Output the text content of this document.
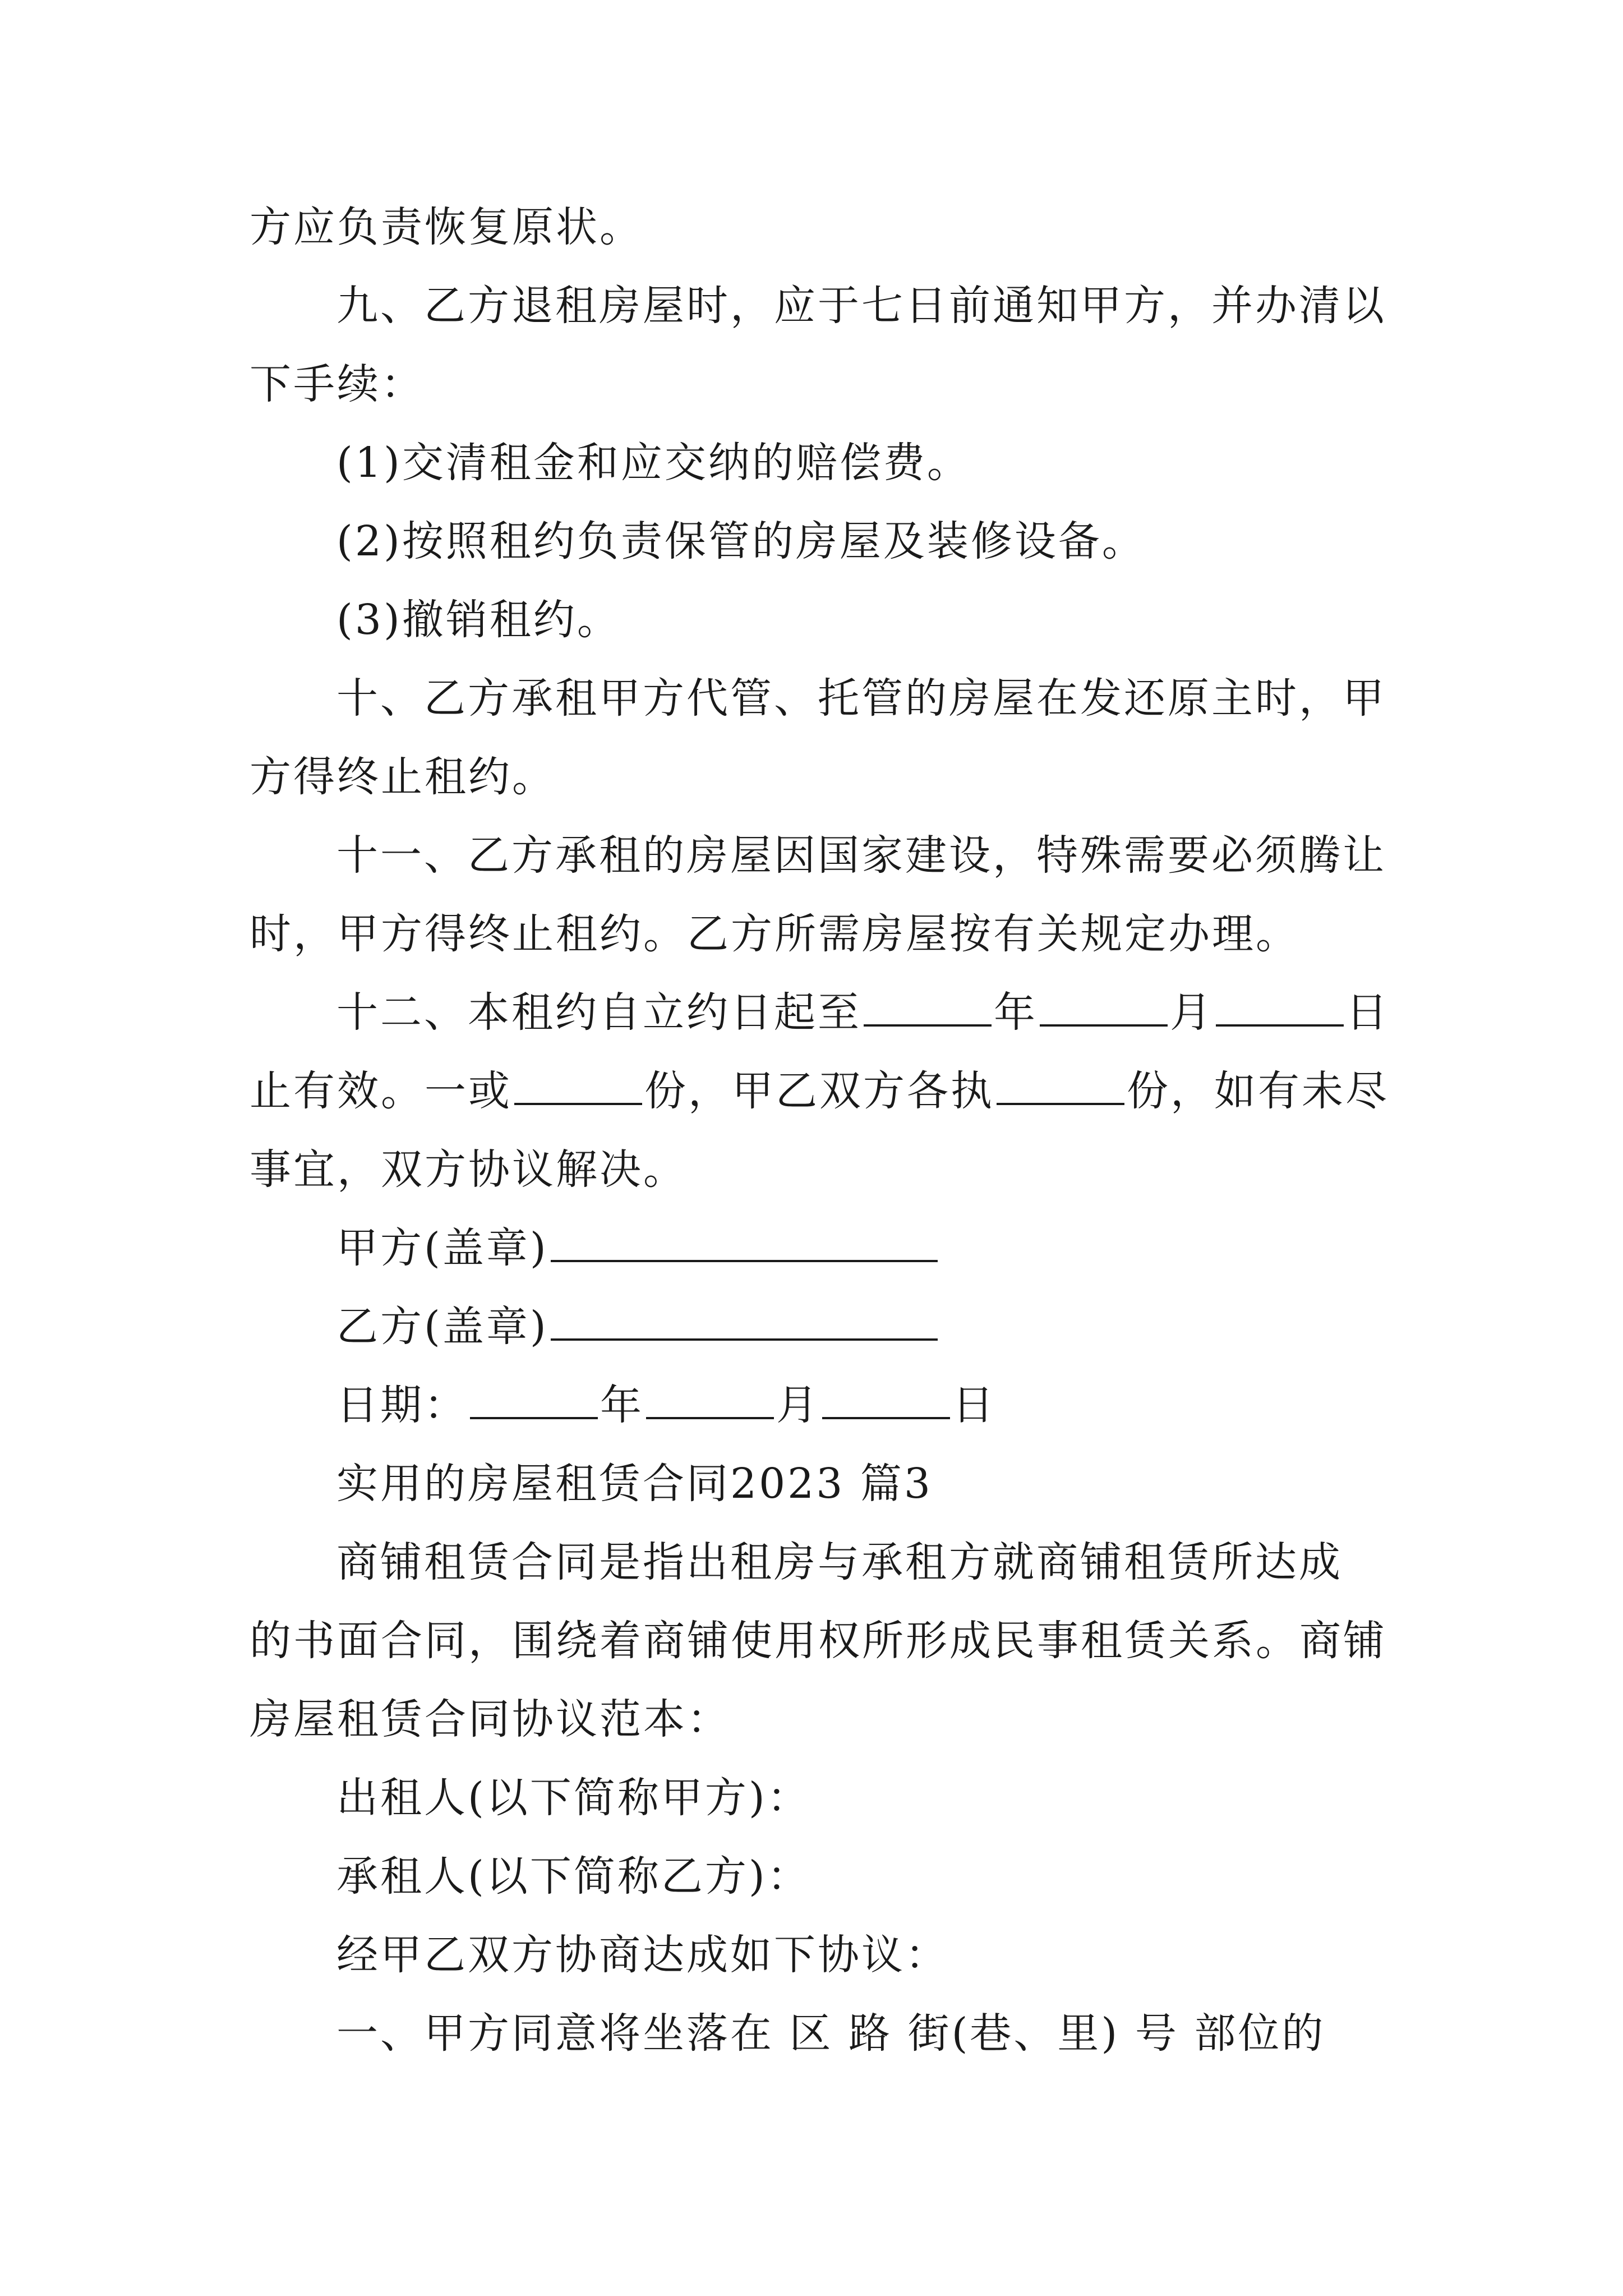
方应负责恢复原状。
九、乙方退租房屋时，应于七日前通知甲方，并办清以
下手续：
(1)交清租金和应交纳的赔偿费。
(2)按照租约负责保管的房屋及装修设备。
(3)撤销租约。
十、乙方承租甲方代管、托管的房屋在发还原主时，甲
方得终止租约。
十一、乙方承租的房屋因国家建设，特殊需要必须腾让
时，甲方得终止租约。乙方所需房屋按有关规定办理。
十二、本租约自立约日起至	年	月	日
止有效。一或	份，甲乙双方各执	份，如有未尽
事宜，双方协议解决。
甲方(盖章)
乙方(盖章)
日期：	年	月	日
实用的房屋租赁合同2023 篇3
商铺租赁合同是指出租房与承租方就商铺租赁所达成
的书面合同，围绕着商铺使用权所形成民事租赁关系。商铺
房屋租赁合同协议范本：
出租人(以下简称甲方)：
承租人(以下简称乙方)：
经甲乙双方协商达成如下协议：
一、甲方同意将坐落在 区 路 街(巷、里) 号 部位的
